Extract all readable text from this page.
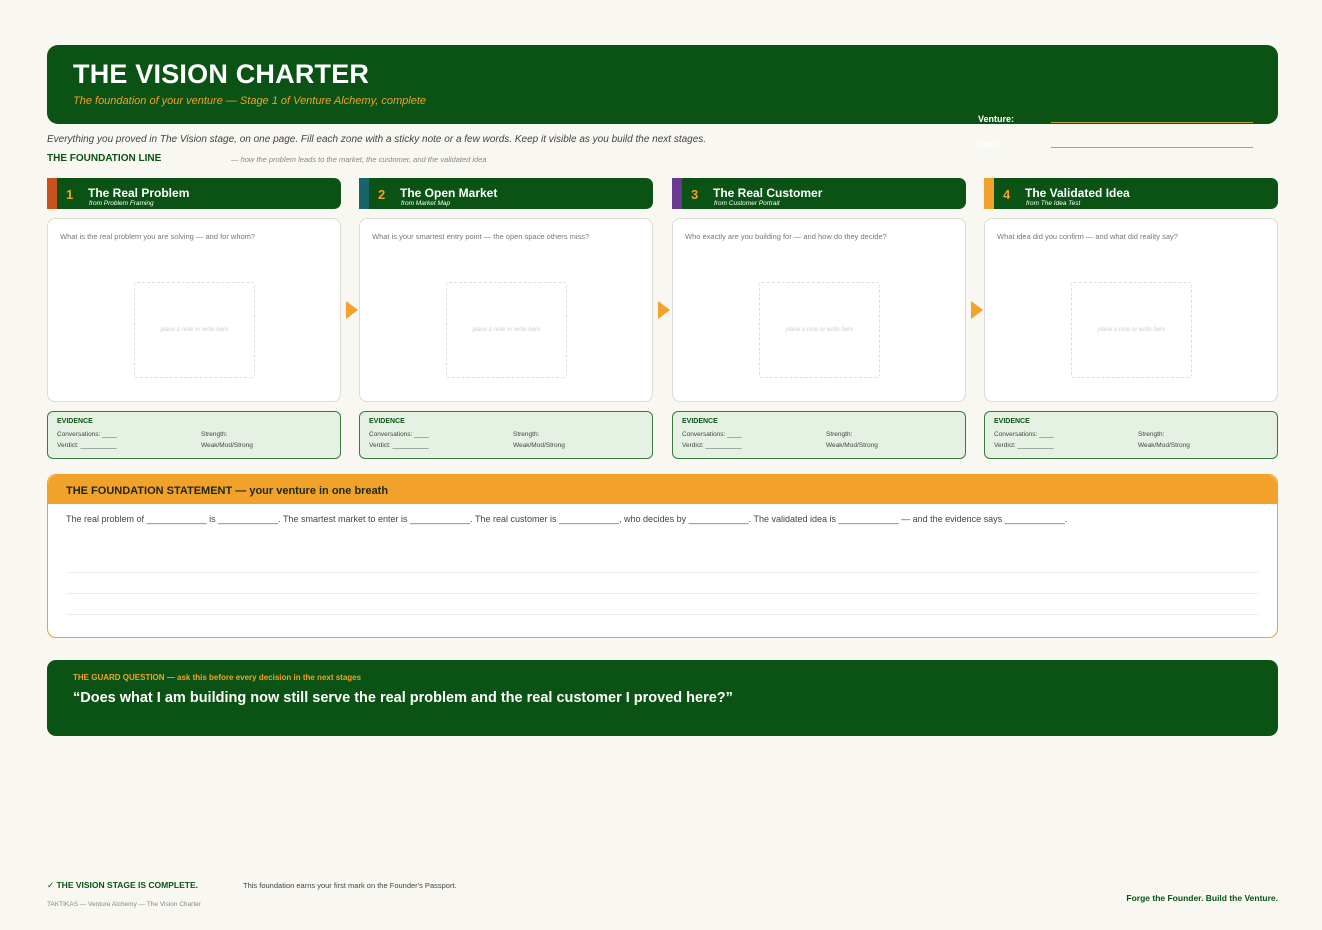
THE VISION CHARTER
The foundation of your venture — Stage 1 of Venture Alchemy, complete
Venture:
Date:
Everything you proved in The Vision stage, on one page. Fill each zone with a sticky note or a few words. Keep it visible as you build the next stages.
THE FOUNDATION LINE	— how the problem leads to the market, the customer, and the validated idea
1 The Real Problem
from Problem Framing
What is the real problem you are solving — and for whom?
place a note or write here
EVIDENCE
Conversations: ____	Strength:
Verdict: __________	Weak/Mod/Strong
2 The Open Market
from Market Map
What is your smartest entry point — the open space others miss?
place a note or write here
EVIDENCE
Conversations: ____	Strength:
Verdict: __________	Weak/Mod/Strong
3 The Real Customer
from Customer Portrait
Who exactly are you building for — and how do they decide?
place a note or write here
EVIDENCE
Conversations: ____	Strength:
Verdict: __________	Weak/Mod/Strong
4 The Validated Idea
from The Idea Test
What idea did you confirm — and what did reality say?
place a note or write here
EVIDENCE
Conversations: ____	Strength:
Verdict: __________	Weak/Mod/Strong
THE FOUNDATION STATEMENT — your venture in one breath
The real problem of ____________ is ____________. The smartest market to enter is ____________. The real customer is ____________, who decides by ____________. The validated idea is ____________ — and the evidence says ____________.
THE GUARD QUESTION — ask this before every decision in the next stages
“Does what I am building now still serve the real problem and the real customer I proved here?”
✓ THE VISION STAGE IS COMPLETE.	This foundation earns your first mark on the Founder's Passport.
TAKTIKAS — Venture Alchemy — The Vision Charter
Forge the Founder. Build the Venture.
